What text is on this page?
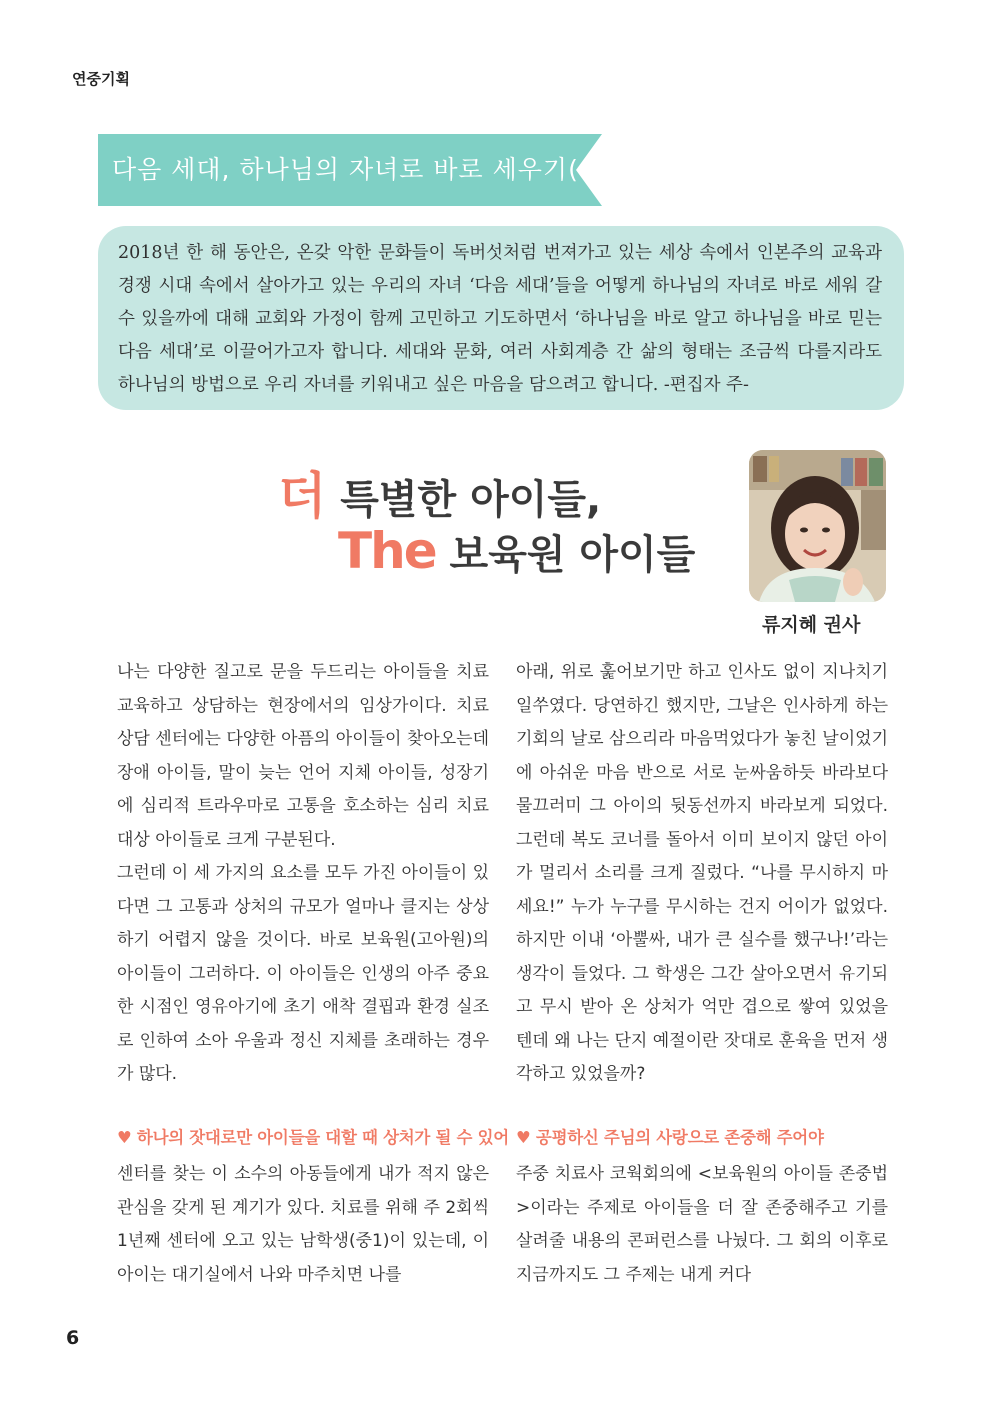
연중기획
다음 세대, 하나님의 자녀로 바로 세우기(4)

2018년 한 해 동안은, 온갖 악한 문화들이 독버섯처럼 번져가고 있는 세상 속에서 인본주의 교육과 경쟁 시대 속에서 살아가고 있는 우리의 자녀 ‘다음 세대’들을 어떻게 하나님의 자녀로 바로 세워 갈 수 있을까에 대해 교회와 가정이 함께 고민하고 기도하면서 ‘하나님을 바로 알고 하나님을 바로 믿는 다음 세대’로 이끌어가고자 합니다. 세대와 문화, 여러 사회계층 간 삶의 형태는 조금씩 다를지라도 하나님의 방법으로 우리 자녀를 키워내고 싶은 마음을 담으려고 합니다. -편집자 주-

더 특별한 아이들,
The 보육원 아이들
류지혜 권사

나는 다양한 질고로 문을 두드리는 아이들을 치료 교육하고 상담하는 현장에서의 임상가이다. 치료 상담 센터에는 다양한 아픔의 아이들이 찾아오는데 장애 아이들, 말이 늦는 언어 지체 아이들, 성장기에 심리적 트라우마로 고통을 호소하는 심리 치료 대상 아이들로 크게 구분된다.

그런데 이 세 가지의 요소를 모두 가진 아이들이 있다면 그 고통과 상처의 규모가 얼마나 클지는 상상하기 어렵지 않을 것이다. 바로 보육원(고아원)의 아이들이 그러하다. 이 아이들은 인생의 아주 중요한 시점인 영유아기에 초기 애착 결핍과 환경 실조로 인하여 소아 우울과 정신 지체를 초래하는 경우가 많다.

아래, 위로 훑어보기만 하고 인사도 없이 지나치기 일쑤였다. 당연하긴 했지만, 그날은 인사하게 하는 기회의 날로 삼으리라 마음먹었다가 놓친 날이었기에 아쉬운 마음 반으로 서로 눈싸움하듯 바라보다 물끄러미 그 아이의 뒷동선까지 바라보게 되었다. 그런데 복도 코너를 돌아서 이미 보이지 않던 아이가 멀리서 소리를 크게 질렀다. “나를 무시하지 마세요!” 누가 누구를 무시하는 건지 어이가 없었다. 하지만 이내 ‘아뿔싸, 내가 큰 실수를 했구나!’라는 생각이 들었다. 그 학생은 그간 살아오면서 유기되고 무시 받아 온 상처가 억만 겹으로 쌓여 있었을 텐데 왜 나는 단지 예절이란 잣대로 훈육을 먼저 생각하고 있었을까?

♥ 하나의 잣대로만 아이들을 대할 때 상처가 될 수 있어 ♥ 공평하신 주님의 사랑으로 존중해 주어야

센터를 찾는 이 소수의 아동들에게 내가 적지 않은 관심을 갖게 된 계기가 있다. 치료를 위해 주 2회씩 1년째 센터에 오고 있는 남학생(중1)이 있는데, 이 아이는 대기실에서 나와 마주치면 나를

주중 치료사 코웍회의에 <보육원의 아이들 존중법>이라는 주제로 아이들을 더 잘 존중해주고 기를 살려줄 내용의 콘퍼런스를 나눴다. 그 회의 이후로 지금까지도 그 주제는 내게 커다

6
